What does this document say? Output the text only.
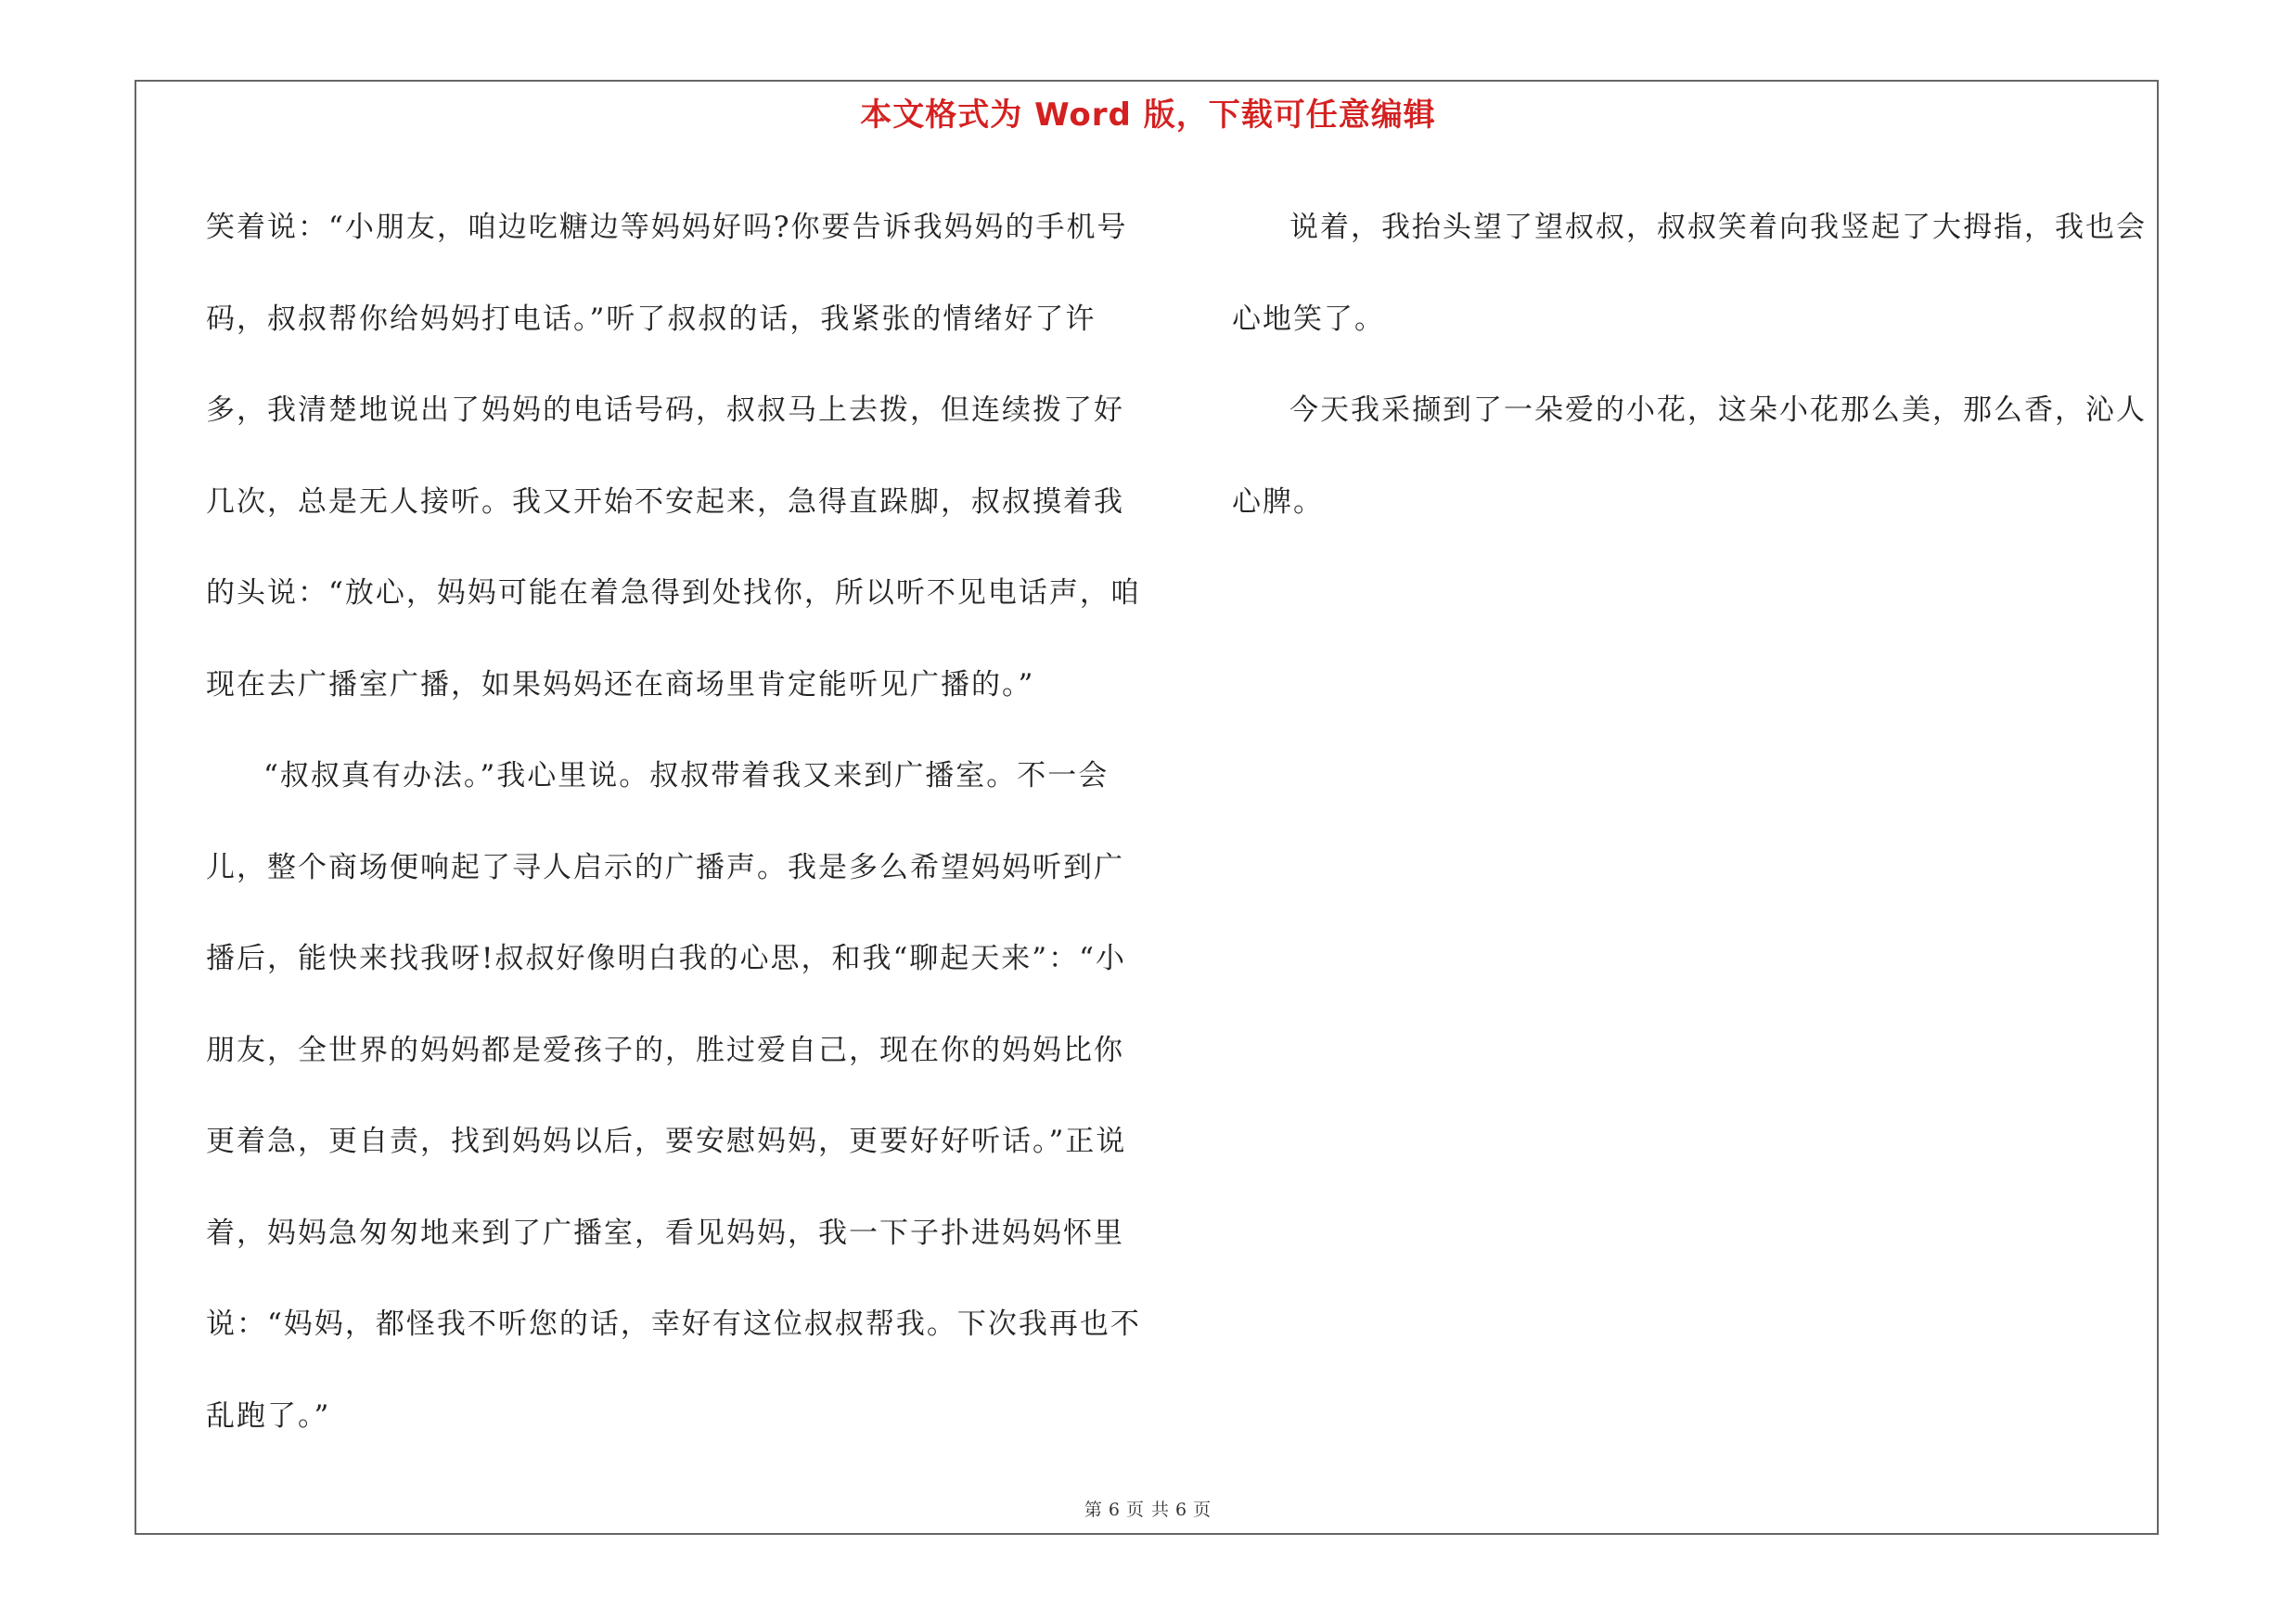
本文格式为 Word 版，下载可任意编辑

笑着说：“小朋友，咱边吃糖边等妈妈好吗?你要告诉我妈妈的手机号码，叔叔帮你给妈妈打电话。”听了叔叔的话，我紧张的情绪好了许多，我清楚地说出了妈妈的电话号码，叔叔马上去拨，但连续拨了好几次，总是无人接听。我又开始不安起来，急得直跺脚，叔叔摸着我的头说：“放心，妈妈可能在着急得到处找你，所以听不见电话声，咱现在去广播室广播，如果妈妈还在商场里肯定能听见广播的。”

“叔叔真有办法。”我心里说。叔叔带着我又来到广播室。不一会儿，整个商场便响起了寻人启示的广播声。我是多么希望妈妈听到广播后，能快来找我呀!叔叔好像明白我的心思，和我“聊起天来”：“小朋友，全世界的妈妈都是爱孩子的，胜过爱自己，现在你的妈妈比你更着急，更自责，找到妈妈以后，要安慰妈妈，更要好好听话。”正说着，妈妈急匆匆地来到了广播室，看见妈妈，我一下子扑进妈妈怀里说：“妈妈，都怪我不听您的话，幸好有这位叔叔帮我。下次我再也不乱跑了。”

说着，我抬头望了望叔叔，叔叔笑着向我竖起了大拇指，我也会心地笑了。

今天我采撷到了一朵爱的小花，这朵小花那么美，那么香，沁人心脾。

第 6 页 共 6 页
